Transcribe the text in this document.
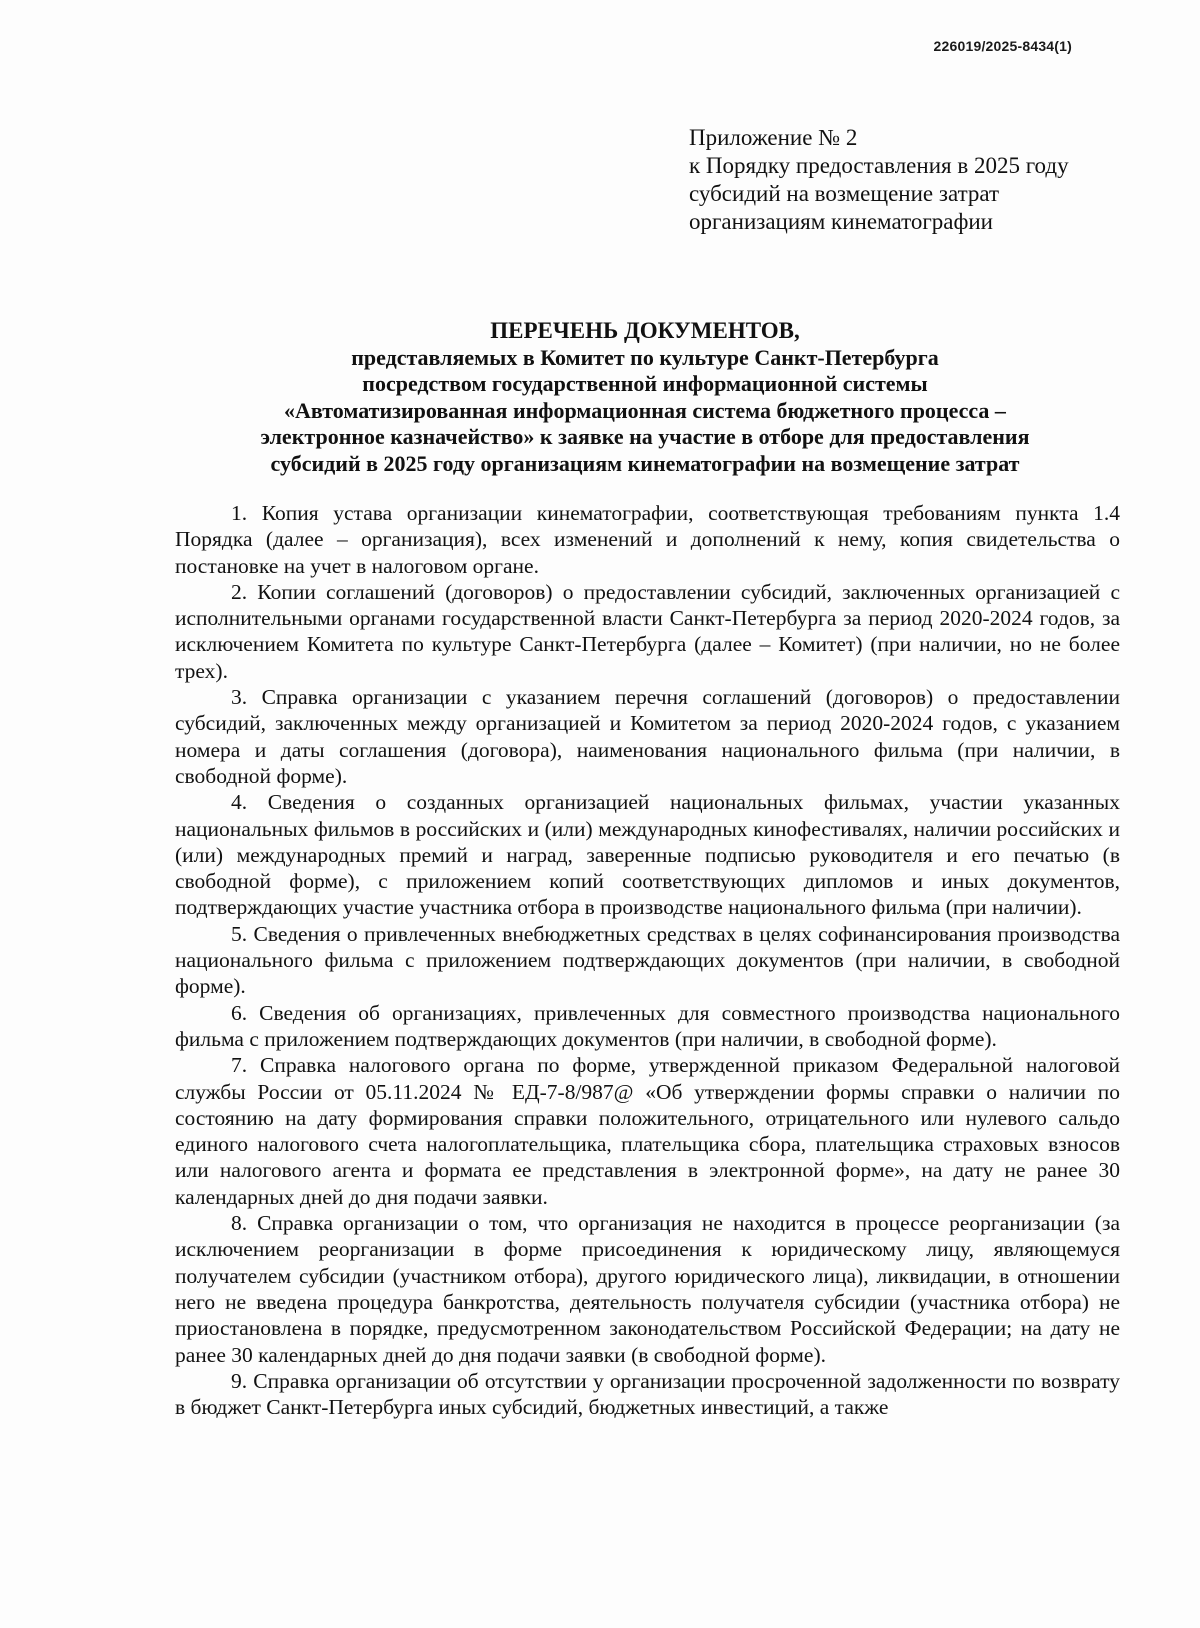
226019/2025-8434(1)
Приложение № 2
к Порядку предоставления в 2025 году
субсидий на возмещение затрат
организациям кинематографии
ПЕРЕЧЕНЬ ДОКУМЕНТОВ,
представляемых в Комитет по культуре Санкт-Петербурга
посредством государственной информационной системы
«Автоматизированная информационная система бюджетного процесса –
электронное казначейство» к заявке на участие в отборе для предоставления
субсидий в 2025 году организациям кинематографии на возмещение затрат

1. Копия устава организации кинематографии, соответствующая требованиям пункта 1.4 Порядка (далее – организация), всех изменений и дополнений к нему, копия свидетельства о постановке на учет в налоговом органе.

2. Копии соглашений (договоров) о предоставлении субсидий, заключенных организацией с исполнительными органами государственной власти Санкт-Петербурга за период 2020-2024 годов, за исключением Комитета по культуре Санкт-Петербурга (далее – Комитет) (при наличии, но не более трех).

3. Справка организации с указанием перечня соглашений (договоров) о предоставлении субсидий, заключенных между организацией и Комитетом за период 2020-2024 годов, с указанием номера и даты соглашения (договора), наименования национального фильма (при наличии, в свободной форме).

4. Сведения о созданных организацией национальных фильмах, участии указанных национальных фильмов в российских и (или) международных кинофестивалях, наличии российских и (или) международных премий и наград, заверенные подписью руководителя и его печатью (в свободной форме), с приложением копий соответствующих дипломов и иных документов, подтверждающих участие участника отбора в производстве национального фильма (при наличии).

5. Сведения о привлеченных внебюджетных средствах в целях софинансирования производства национального фильма с приложением подтверждающих документов (при наличии, в свободной форме).

6. Сведения об организациях, привлеченных для совместного производства национального фильма с приложением подтверждающих документов (при наличии, в свободной форме).

7. Справка налогового органа по форме, утвержденной приказом Федеральной налоговой службы России от 05.11.2024 № ЕД-7-8/987@ «Об утверждении формы справки о наличии по состоянию на дату формирования справки положительного, отрицательного или нулевого сальдо единого налогового счета налогоплательщика, плательщика сбора, плательщика страховых взносов или налогового агента и формата ее представления в электронной форме», на дату не ранее 30 календарных дней до дня подачи заявки.

8. Справка организации о том, что организация не находится в процессе реорганизации (за исключением реорганизации в форме присоединения к юридическому лицу, являющемуся получателем субсидии (участником отбора), другого юридического лица), ликвидации, в отношении него не введена процедура банкротства, деятельность получателя субсидии (участника отбора) не приостановлена в порядке, предусмотренном законодательством Российской Федерации; на дату не ранее 30 календарных дней до дня подачи заявки (в свободной форме).

9. Справка организации об отсутствии у организации просроченной задолженности по возврату в бюджет Санкт-Петербурга иных субсидий, бюджетных инвестиций, а также
